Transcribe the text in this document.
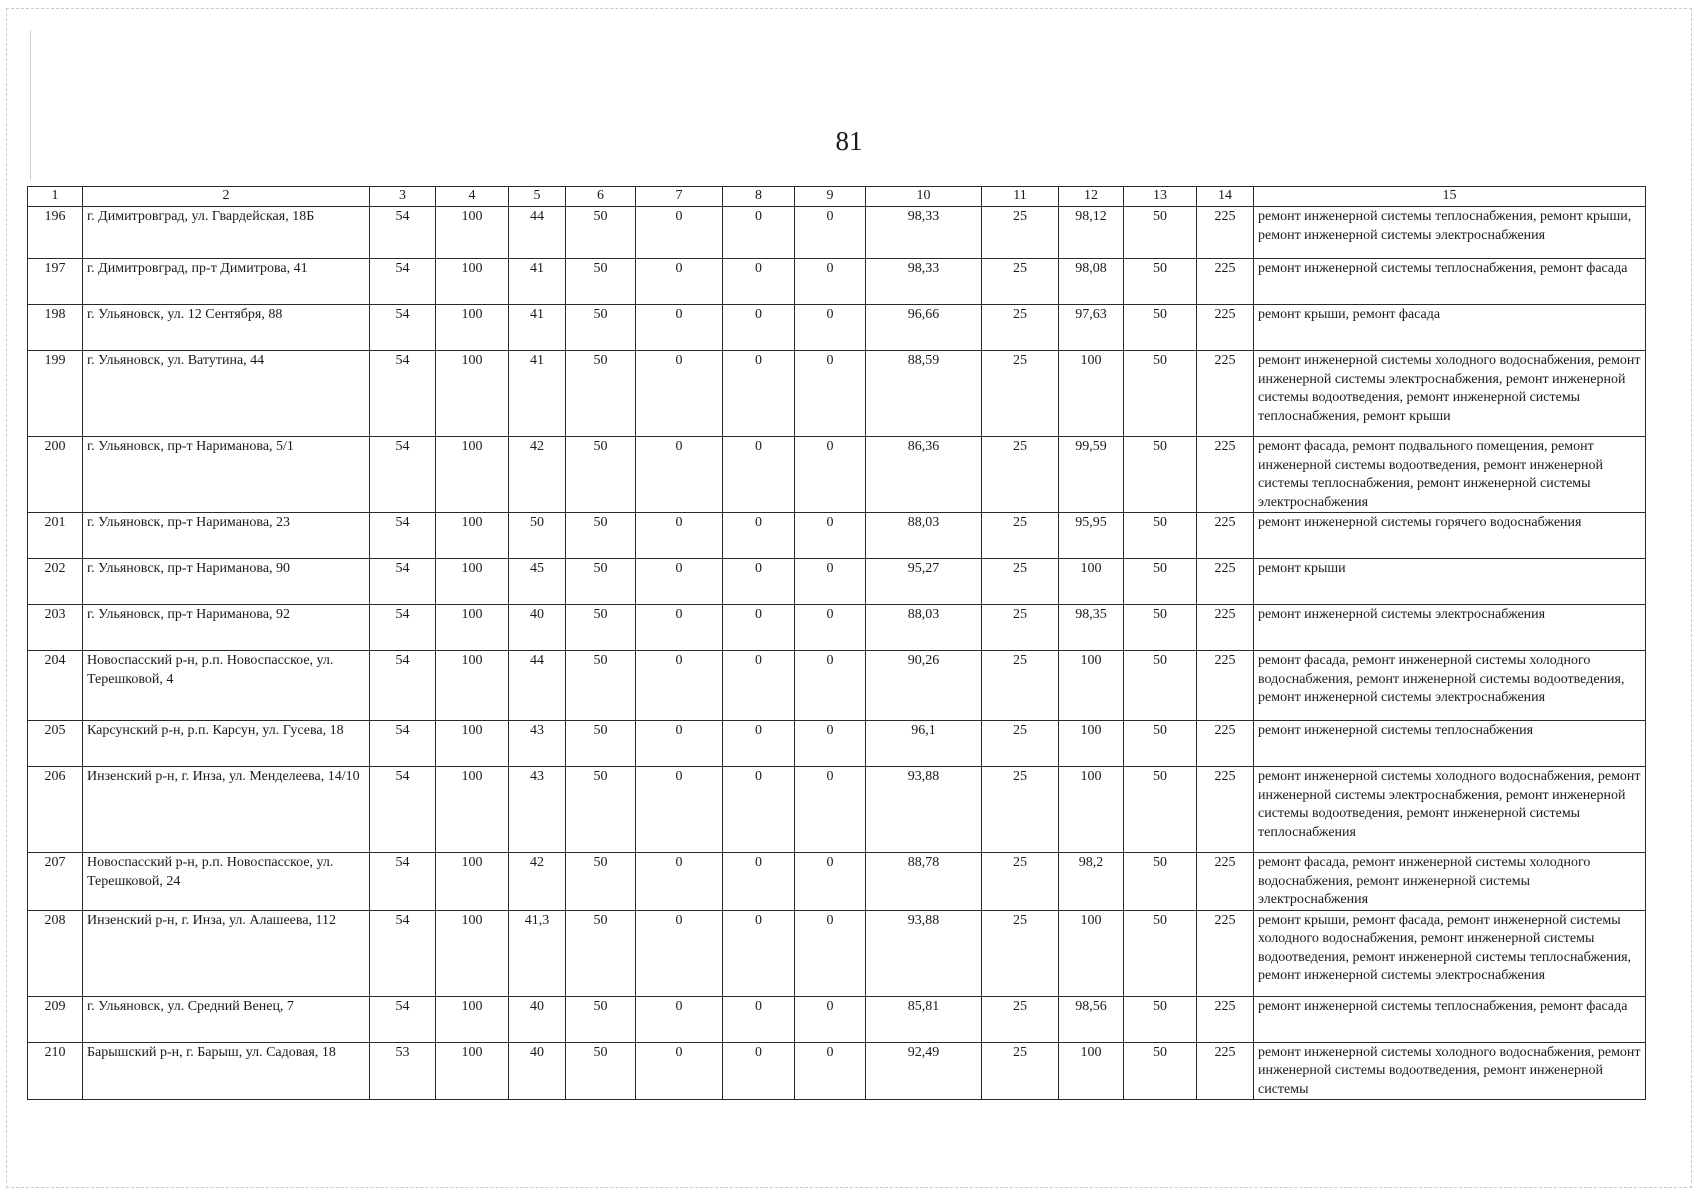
81
1	2	3	4	5	6	7	8	9	10	11	12	13	14	15
196	г. Димитровград, ул. Гвардейская, 18Б	54	100	44	50	0	0	0	98,33	25	98,12	50	225	ремонт инженерной системы теплоснабжения, ремонт крыши, ремонт инженерной системы электроснабжения
197	г. Димитровград, пр-т Димитрова, 41	54	100	41	50	0	0	0	98,33	25	98,08	50	225	ремонт инженерной системы теплоснабжения, ремонт фасада
198	г. Ульяновск, ул. 12 Сентября, 88	54	100	41	50	0	0	0	96,66	25	97,63	50	225	ремонт крыши, ремонт фасада
199	г. Ульяновск, ул. Ватутина, 44	54	100	41	50	0	0	0	88,59	25	100	50	225	ремонт инженерной системы холодного водоснабжения, ремонт инженерной системы электроснабжения, ремонт инженерной системы водоотведения, ремонт инженерной системы теплоснабжения, ремонт крыши
200	г. Ульяновск, пр-т Нариманова, 5/1	54	100	42	50	0	0	0	86,36	25	99,59	50	225	ремонт фасада, ремонт подвального помещения, ремонт инженерной системы водоотведения, ремонт инженерной системы теплоснабжения, ремонт инженерной системы электроснабжения
201	г. Ульяновск, пр-т Нариманова, 23	54	100	50	50	0	0	0	88,03	25	95,95	50	225	ремонт инженерной системы горячего водоснабжения
202	г. Ульяновск, пр-т Нариманова, 90	54	100	45	50	0	0	0	95,27	25	100	50	225	ремонт крыши
203	г. Ульяновск, пр-т Нариманова, 92	54	100	40	50	0	0	0	88,03	25	98,35	50	225	ремонт инженерной системы электроснабжения
204	Новоспасский р-н, р.п. Новоспасское, ул. Терешковой, 4	54	100	44	50	0	0	0	90,26	25	100	50	225	ремонт фасада, ремонт инженерной системы холодного водоснабжения, ремонт инженерной системы водоотведения, ремонт инженерной системы электроснабжения
205	Карсунский р-н, р.п. Карсун, ул. Гусева, 18	54	100	43	50	0	0	0	96,1	25	100	50	225	ремонт инженерной системы теплоснабжения
206	Инзенский р-н, г. Инза, ул. Менделеева, 14/10	54	100	43	50	0	0	0	93,88	25	100	50	225	ремонт инженерной системы холодного водоснабжения, ремонт инженерной системы электроснабжения, ремонт инженерной системы водоотведения, ремонт инженерной системы теплоснабжения
207	Новоспасский р-н, р.п. Новоспасское, ул. Терешковой, 24	54	100	42	50	0	0	0	88,78	25	98,2	50	225	ремонт фасада, ремонт инженерной системы холодного водоснабжения, ремонт инженерной системы электроснабжения
208	Инзенский р-н, г. Инза, ул. Алашеева, 112	54	100	41,3	50	0	0	0	93,88	25	100	50	225	ремонт крыши, ремонт фасада, ремонт инженерной системы холодного водоснабжения, ремонт инженерной системы водоотведения, ремонт инженерной системы теплоснабжения, ремонт инженерной системы электроснабжения
209	г. Ульяновск, ул. Средний Венец, 7	54	100	40	50	0	0	0	85,81	25	98,56	50	225	ремонт инженерной системы теплоснабжения, ремонт фасада
210	Барышский р-н, г. Барыш, ул. Садовая, 18	53	100	40	50	0	0	0	92,49	25	100	50	225	ремонт инженерной системы холодного водоснабжения, ремонт инженерной системы водоотведения, ремонт инженерной системы
